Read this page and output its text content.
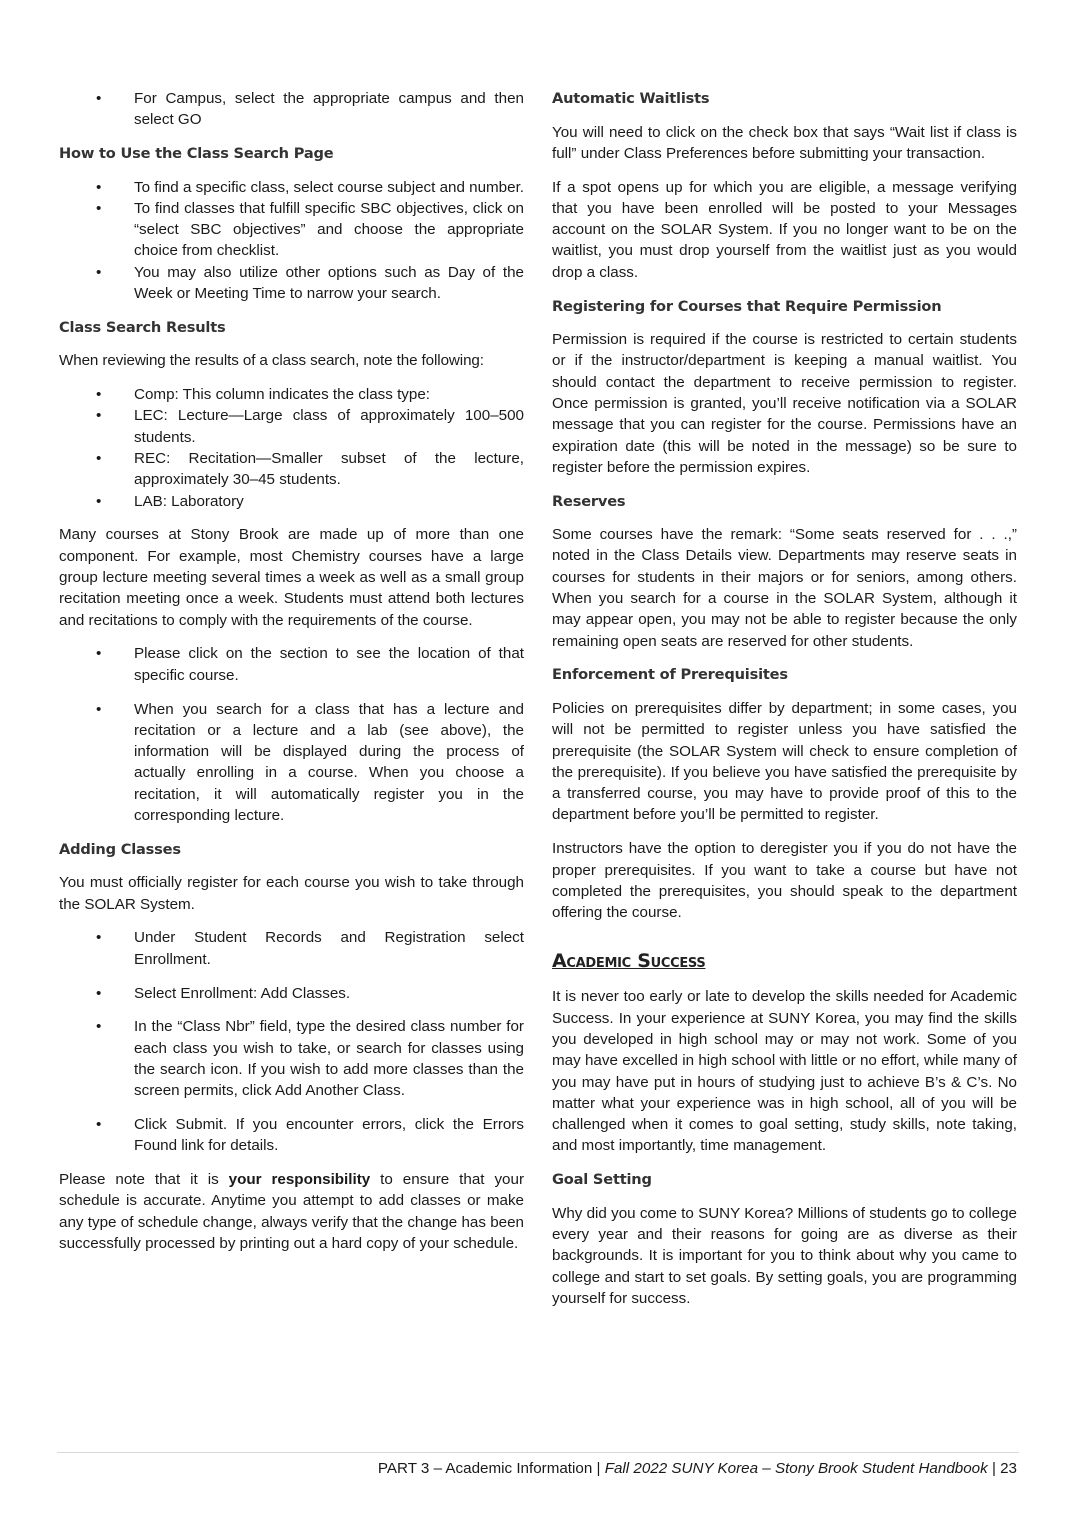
• For Campus, select the appropriate campus and then select GO
How to Use the Class Search Page
• To find a specific class, select course subject and number.
• To find classes that fulfill specific SBC objectives, click on “select SBC objectives” and choose the appropriate choice from checklist.
• You may also utilize other options such as Day of the Week or Meeting Time to narrow your search.
Class Search Results

When reviewing the results of a class search, note the following:

• Comp: This column indicates the class type:
• LEC: Lecture—Large class of approximately 100–500 students.
• REC: Recitation—Smaller subset of the lecture, approximately 30–45 students.
• LAB: Laboratory

Many courses at Stony Brook are made up of more than one component. For example, most Chemistry courses have a large group lecture meeting several times a week as well as a small group recitation meeting once a week. Students must attend both lectures and recitations to comply with the requirements of the course.

• Please click on the section to see the location of that specific course.
• When you search for a class that has a lecture and recitation or a lecture and a lab (see above), the information will be displayed during the process of actually enrolling in a course. When you choose a recitation, it will automatically register you in the corresponding lecture.
Adding Classes

You must officially register for each course you wish to take through the SOLAR System.

• Under Student Records and Registration select Enrollment.
• Select Enrollment: Add Classes.
• In the “Class Nbr” field, type the desired class number for each class you wish to take, or search for classes using the search icon. If you wish to add more classes than the screen permits, click Add Another Class.
• Click Submit. If you encounter errors, click the Errors Found link for details.

Please note that it is your responsibility to ensure that your schedule is accurate. Anytime you attempt to add classes or make any type of schedule change, always verify that the change has been successfully processed by printing out a hard copy of your schedule.

Automatic Waitlists

You will need to click on the check box that says “Wait list if class is full” under Class Preferences before submitting your transaction.

If a spot opens up for which you are eligible, a message verifying that you have been enrolled will be posted to your Messages account on the SOLAR System. If you no longer want to be on the waitlist, you must drop yourself from the waitlist just as you would drop a class.

Registering for Courses that Require Permission

Permission is required if the course is restricted to certain students or if the instructor/department is keeping a manual waitlist. You should contact the department to receive permission to register. Once permission is granted, you’ll receive notification via a SOLAR message that you can register for the course. Permissions have an expiration date (this will be noted in the message) so be sure to register before the permission expires.

Reserves

Some courses have the remark: “Some seats reserved for . . .,” noted in the Class Details view. Departments may reserve seats in courses for students in their majors or for seniors, among others. When you search for a course in the SOLAR System, although it may appear open, you may not be able to register because the only remaining open seats are reserved for other students.

Enforcement of Prerequisites

Policies on prerequisites differ by department; in some cases, you will not be permitted to register unless you have satisfied the prerequisite (the SOLAR System will check to ensure completion of the prerequisite). If you believe you have satisfied the prerequisite by a transferred course, you may have to provide proof of this to the department before you’ll be permitted to register.

Instructors have the option to deregister you if you do not have the proper prerequisites. If you want to take a course but have not completed the prerequisites, you should speak to the department offering the course.

Academic Success

It is never too early or late to develop the skills needed for Academic Success. In your experience at SUNY Korea, you may find the skills you developed in high school may or may not work. Some of you may have excelled in high school with little or no effort, while many of you may have put in hours of studying just to achieve B’s & C’s. No matter what your experience was in high school, all of you will be challenged when it comes to goal setting, study skills, note taking, and most importantly, time management.

Goal Setting

Why did you come to SUNY Korea? Millions of students go to college every year and their reasons for going are as diverse as their backgrounds. It is important for you to think about why you came to college and start to set goals. By setting goals, you are programming yourself for success.

PART 3 – Academic Information | Fall 2022 SUNY Korea – Stony Brook Student Handbook | 23
